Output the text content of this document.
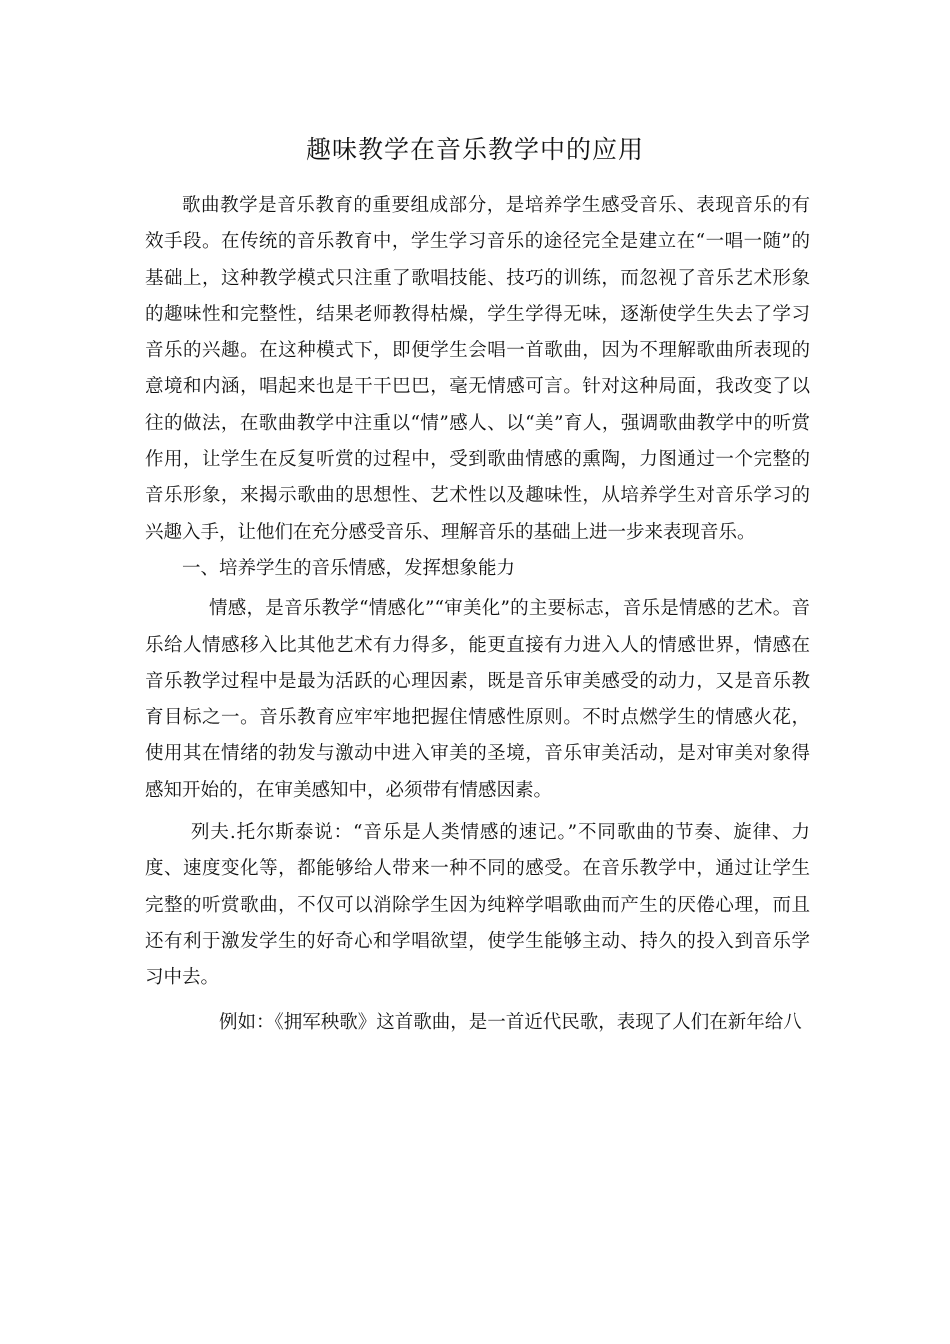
趣味教学在音乐教学中的应用

歌曲教学是音乐教育的重要组成部分，是培养学生感受音乐、表现音乐的有效手段。在传统的音乐教育中，学生学习音乐的途径完全是建立在“一唱一随”的基础上，这种教学模式只注重了歌唱技能、技巧的训练，而忽视了音乐艺术形象的趣味性和完整性，结果老师教得枯燥，学生学得无味，逐渐使学生失去了学习音乐的兴趣。在这种模式下，即便学生会唱一首歌曲，因为不理解歌曲所表现的意境和内涵，唱起来也是干干巴巴，毫无情感可言。针对这种局面，我改变了以往的做法，在歌曲教学中注重以“情”感人、以“美”育人，强调歌曲教学中的听赏作用，让学生在反复听赏的过程中，受到歌曲情感的熏陶，力图通过一个完整的音乐形象，来揭示歌曲的思想性、艺术性以及趣味性，从培养学生对音乐学习的兴趣入手，让他们在充分感受音乐、理解音乐的基础上进一步来表现音乐。

一、培养学生的音乐情感，发挥想象能力

情感，是音乐教学“情感化”“审美化”的主要标志，音乐是情感的艺术。音乐给人情感移入比其他艺术有力得多，能更直接有力进入人的情感世界，情感在音乐教学过程中是最为活跃的心理因素，既是音乐审美感受的动力，又是音乐教育目标之一。音乐教育应牢牢地把握住情感性原则。不时点燃学生的情感火花，使用其在情绪的勃发与激动中进入审美的圣境，音乐审美活动，是对审美对象得感知开始的，在审美感知中，必须带有情感因素。

列夫.托尔斯泰说：“音乐是人类情感的速记。”不同歌曲的节奏、旋律、力度、速度变化等，都能够给人带来一种不同的感受。在音乐教学中，通过让学生完整的听赏歌曲，不仅可以消除学生因为纯粹学唱歌曲而产生的厌倦心理，而且还有利于激发学生的好奇心和学唱欲望，使学生能够主动、持久的投入到音乐学习中去。

例如：《拥军秧歌》这首歌曲，是一首近代民歌，表现了人们在新年给八
